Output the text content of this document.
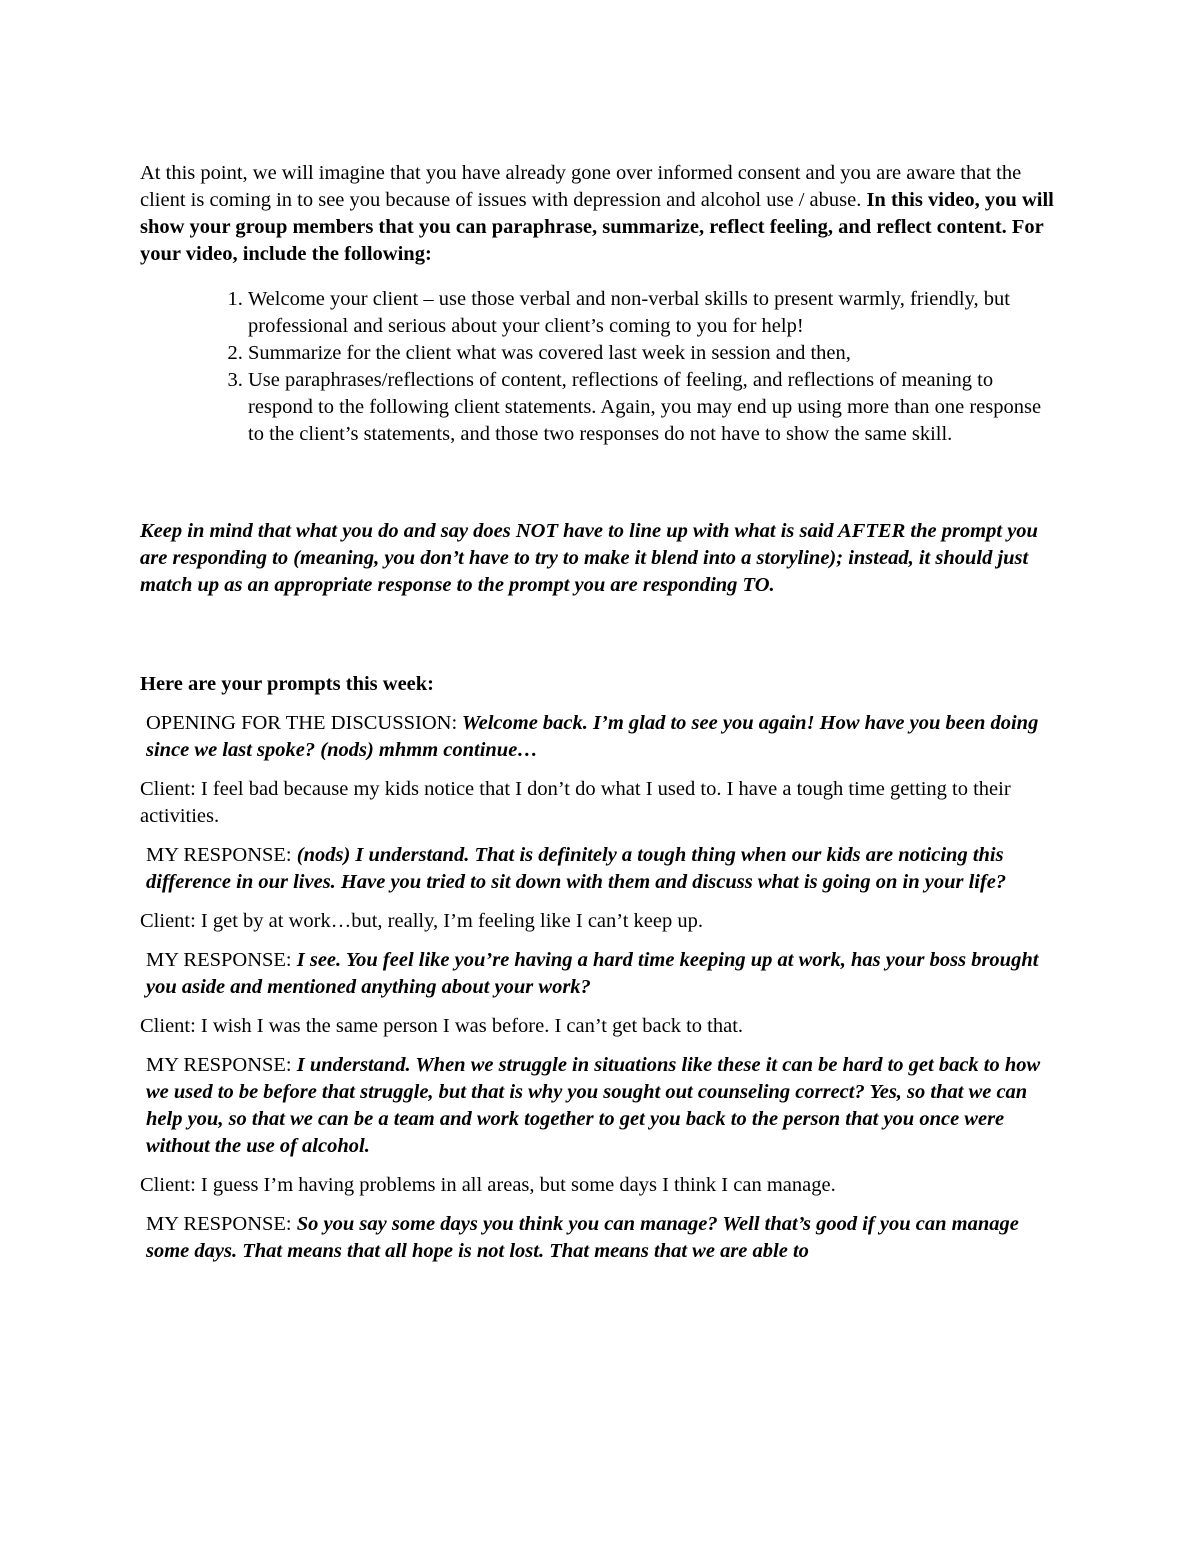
At this point, we will imagine that you have already gone over informed consent and you are aware that the client is coming in to see you because of issues with depression and alcohol use / abuse. In this video, you will show your group members that you can paraphrase, summarize, reflect feeling, and reflect content. For your video, include the following:

1. Welcome your client – use those verbal and non-verbal skills to present warmly, friendly, but professional and serious about your client’s coming to you for help!
2. Summarize for the client what was covered last week in session and then,
3. Use paraphrases/reflections of content, reflections of feeling, and reflections of meaning to respond to the following client statements. Again, you may end up using more than one response to the client’s statements, and those two responses do not have to show the same skill.

Keep in mind that what you do and say does NOT have to line up with what is said AFTER the prompt you are responding to (meaning, you don’t have to try to make it blend into a storyline); instead, it should just match up as an appropriate response to the prompt you are responding TO.

Here are your prompts this week:

OPENING FOR THE DISCUSSION: Welcome back. I’m glad to see you again! How have you been doing since we last spoke? (nods) mhmm continue…

Client: I feel bad because my kids notice that I don’t do what I used to. I have a tough time getting to their activities.

MY RESPONSE: (nods) I understand. That is definitely a tough thing when our kids are noticing this difference in our lives. Have you tried to sit down with them and discuss what is going on in your life?

Client: I get by at work…but, really, I’m feeling like I can’t keep up.

MY RESPONSE: I see. You feel like you’re having a hard time keeping up at work, has your boss brought you aside and mentioned anything about your work?

Client: I wish I was the same person I was before. I can’t get back to that.

MY RESPONSE: I understand. When we struggle in situations like these it can be hard to get back to how we used to be before that struggle, but that is why you sought out counseling correct? Yes, so that we can help you, so that we can be a team and work together to get you back to the person that you once were without the use of alcohol.

Client: I guess I’m having problems in all areas, but some days I think I can manage.

MY RESPONSE: So you say some days you think you can manage? Well that’s good if you can manage some days. That means that all hope is not lost. That means that we are able to
